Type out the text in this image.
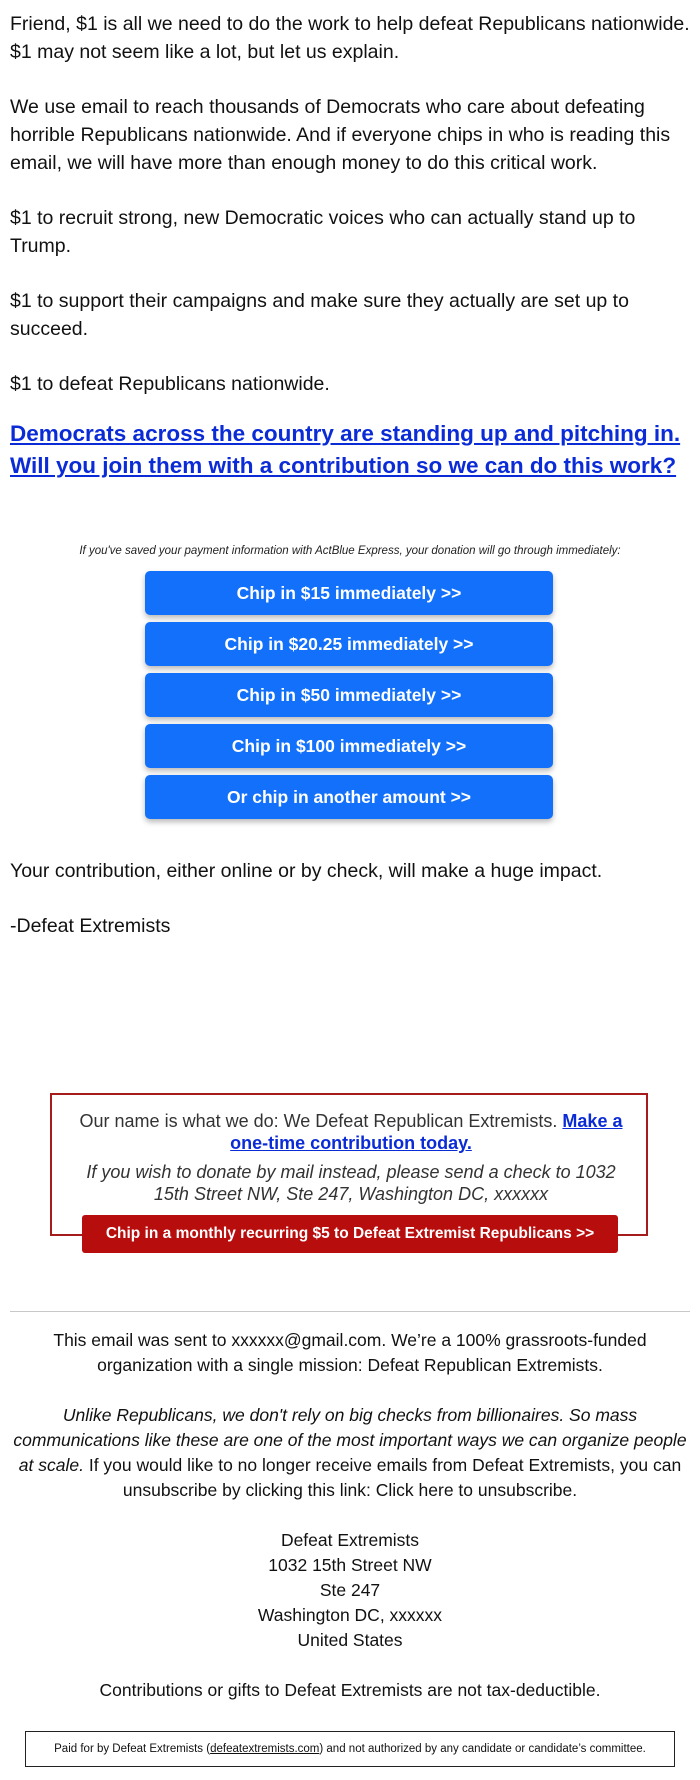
Friend, $1 is all we need to do the work to help defeat Republicans nationwide. $1 may not seem like a lot, but let us explain.

We use email to reach thousands of Democrats who care about defeating horrible Republicans nationwide. And if everyone chips in who is reading this email, we will have more than enough money to do this critical work.

$1 to recruit strong, new Democratic voices who can actually stand up to Trump.

$1 to support their campaigns and make sure they actually are set up to succeed.

$1 to defeat Republicans nationwide.

Democrats across the country are standing up and pitching in. Will you join them with a contribution so we can do this work?

If you've saved your payment information with ActBlue Express, your donation will go through immediately:

Chip in $15 immediately >>
Chip in $20.25 immediately >>
Chip in $50 immediately >>
Chip in $100 immediately >>
Or chip in another amount >>

Your contribution, either online or by check, will make a huge impact.

-Defeat Extremists

Our name is what we do: We Defeat Republican Extremists. Make a one-time contribution today.

If you wish to donate by mail instead, please send a check to 1032 15th Street NW, Ste 247, Washington DC, xxxxxx

Chip in a monthly recurring $5 to Defeat Extremist Republicans >>

This email was sent to xxxxxx@gmail.com. We’re a 100% grassroots-funded organization with a single mission: Defeat Republican Extremists.

Unlike Republicans, we don't rely on big checks from billionaires. So mass communications like these are one of the most important ways we can organize people at scale. If you would like to no longer receive emails from Defeat Extremists, you can unsubscribe by clicking this link: Click here to unsubscribe.

Defeat Extremists
1032 15th Street NW
Ste 247
Washington DC, xxxxxx
United States

Contributions or gifts to Defeat Extremists are not tax-deductible.

Paid for by Defeat Extremists (defeatextremists.com) and not authorized by any candidate or candidate’s committee.
